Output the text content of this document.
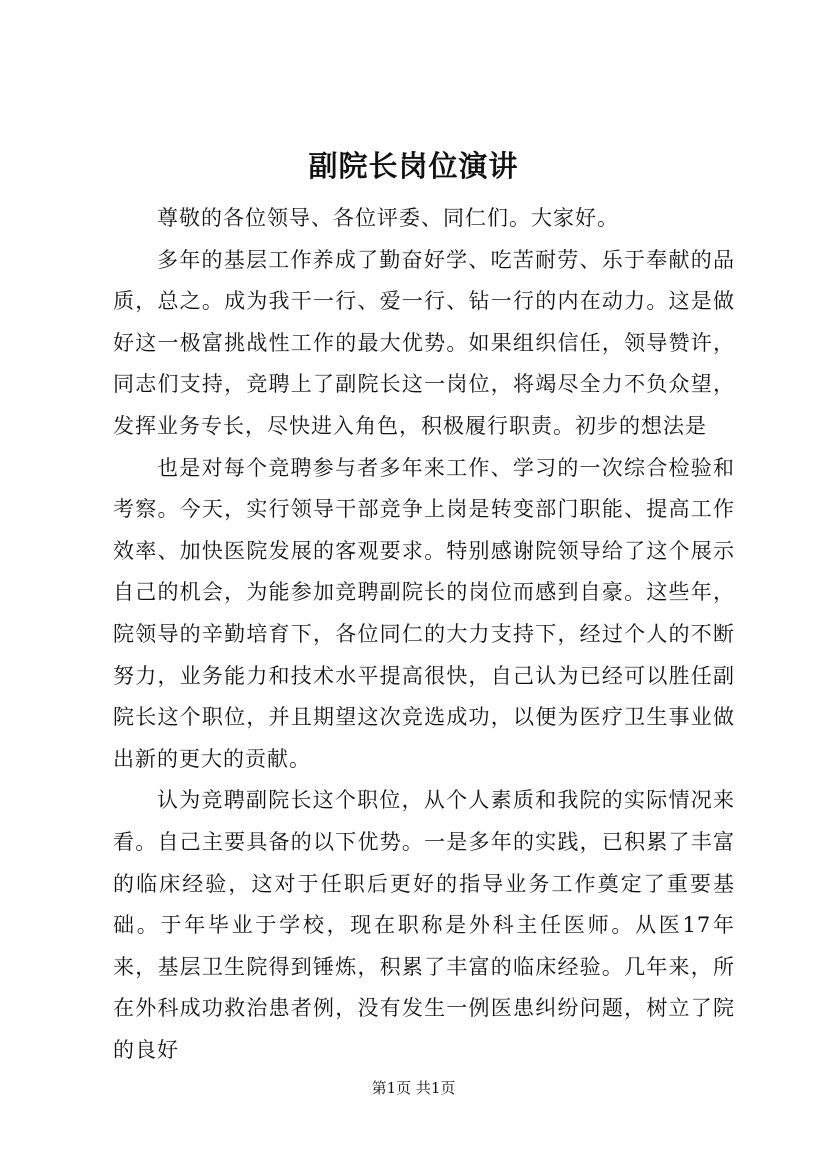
副院长岗位演讲

尊敬的各位领导、各位评委、同仁们。大家好。

多年的基层工作养成了勤奋好学、吃苦耐劳、乐于奉献的品质，总之。成为我干一行、爱一行、钻一行的内在动力。这是做好这一极富挑战性工作的最大优势。如果组织信任，领导赞许，同志们支持，竞聘上了副院长这一岗位，将竭尽全力不负众望，发挥业务专长，尽快进入角色，积极履行职责。初步的想法是

也是对每个竞聘参与者多年来工作、学习的一次综合检验和考察。今天，实行领导干部竞争上岗是转变部门职能、提高工作效率、加快医院发展的客观要求。特别感谢院领导给了这个展示自己的机会，为能参加竞聘副院长的岗位而感到自豪。这些年，院领导的辛勤培育下，各位同仁的大力支持下，经过个人的不断努力，业务能力和技术水平提高很快，自己认为已经可以胜任副院长这个职位，并且期望这次竞选成功，以便为医疗卫生事业做出新的更大的贡献。

认为竞聘副院长这个职位，从个人素质和我院的实际情况来看。自己主要具备的以下优势。一是多年的实践，已积累了丰富的临床经验，这对于任职后更好的指导业务工作奠定了重要基础。于年毕业于学校，现在职称是外科主任医师。从医17年来，基层卫生院得到锤炼，积累了丰富的临床经验。几年来，所在外科成功救治患者例，没有发生一例医患纠纷问题，树立了院的良好

第1页 共1页
